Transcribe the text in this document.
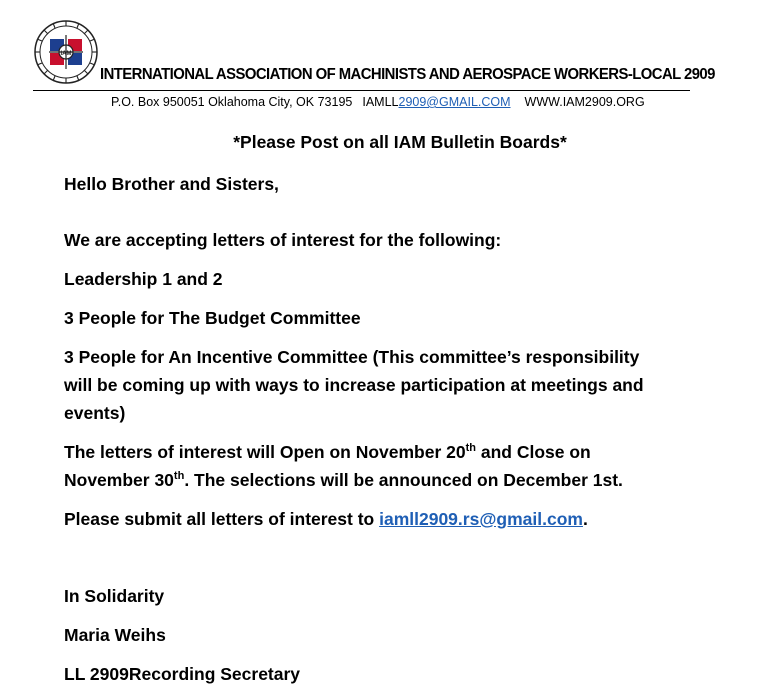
IAM
INTERNATIONAL ASSOCIATION OF MACHINISTS AND AEROSPACE WORKERS-LOCAL 2909
P.O. Box 950051 Oklahoma City, OK 73195 IAMLL2909@GMAIL.COM WWW.IAM2909.ORG
*Please Post on all IAM Bulletin Boards*
Hello Brother and Sisters,
We are accepting letters of interest for the following:
Leadership 1 and 2
3 People for The Budget Committee
3 People for An Incentive Committee (This committee’s responsibility
will be coming up with ways to increase participation at meetings and
events)
The letters of interest will Open on November 20th and Close on
November 30th. The selections will be announced on December 1st.
Please submit all letters of interest to iamll2909.rs@gmail.com.
In Solidarity
Maria Weihs
LL 2909Recording Secretary
